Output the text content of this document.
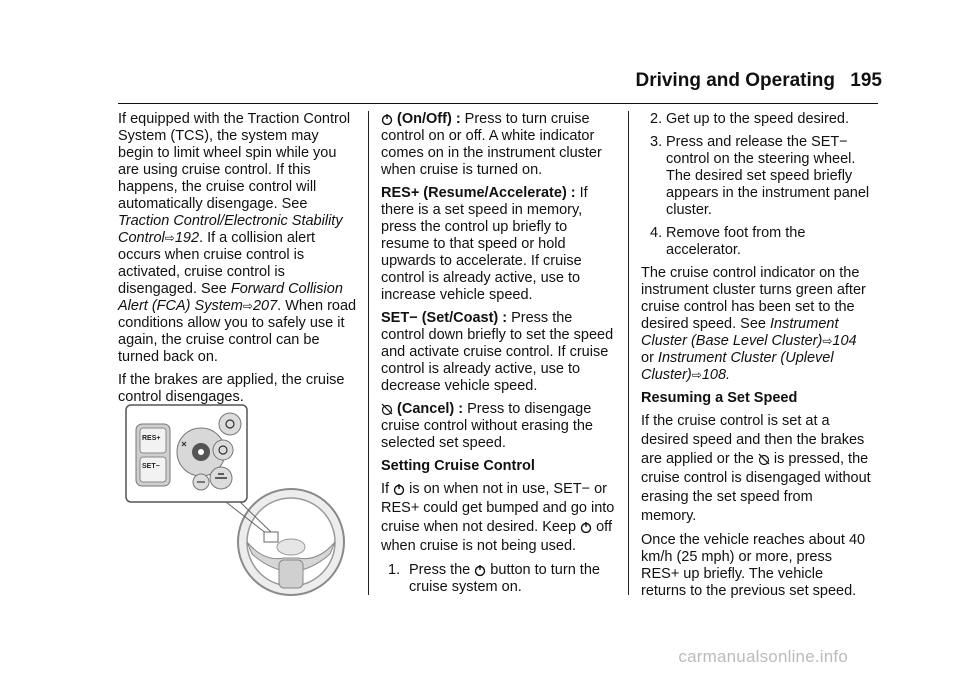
Driving and Operating 195

If equipped with the Traction Control System (TCS), the system may begin to limit wheel spin while you are using cruise control. If this happens, the cruise control will automatically disengage. See Traction Control/Electronic Stability Control⇨192. If a collision alert occurs when cruise control is activated, cruise control is disengaged. See Forward Collision Alert (FCA) System⇨207. When road conditions allow you to safely use it again, the cruise control can be turned back on.

If the brakes are applied, the cruise control disengages.

RES+
SET−

(On/Off) : Press to turn cruise control on or off. A white indicator comes on in the instrument cluster when cruise is turned on.

RES+ (Resume/Accelerate) : If there is a set speed in memory, press the control up briefly to resume to that speed or hold upwards to accelerate. If cruise control is already active, use to increase vehicle speed.

SET− (Set/Coast) : Press the control down briefly to set the speed and activate cruise control. If cruise control is already active, use to decrease vehicle speed.

(Cancel) : Press to disengage cruise control without erasing the selected set speed.

Setting Cruise Control

If  is on when not in use, SET− or RES+ could get bumped and go into cruise when not desired. Keep  off when cruise is not being used.

1. Press the  button to turn the cruise system on.
2. Get up to the speed desired.
3. Press and release the SET− control on the steering wheel. The desired set speed briefly appears in the instrument panel cluster.
4. Remove foot from the accelerator.

The cruise control indicator on the instrument cluster turns green after cruise control has been set to the desired speed. See Instrument Cluster (Base Level Cluster)⇨104
or Instrument Cluster (Uplevel Cluster)⇨108.

Resuming a Set Speed

If the cruise control is set at a desired speed and then the brakes are applied or the  is pressed, the cruise control is disengaged without erasing the set speed from memory.

Once the vehicle reaches about 40 km/h (25 mph) or more, press RES+ up briefly. The vehicle returns to the previous set speed.

carmanualsonline.info
